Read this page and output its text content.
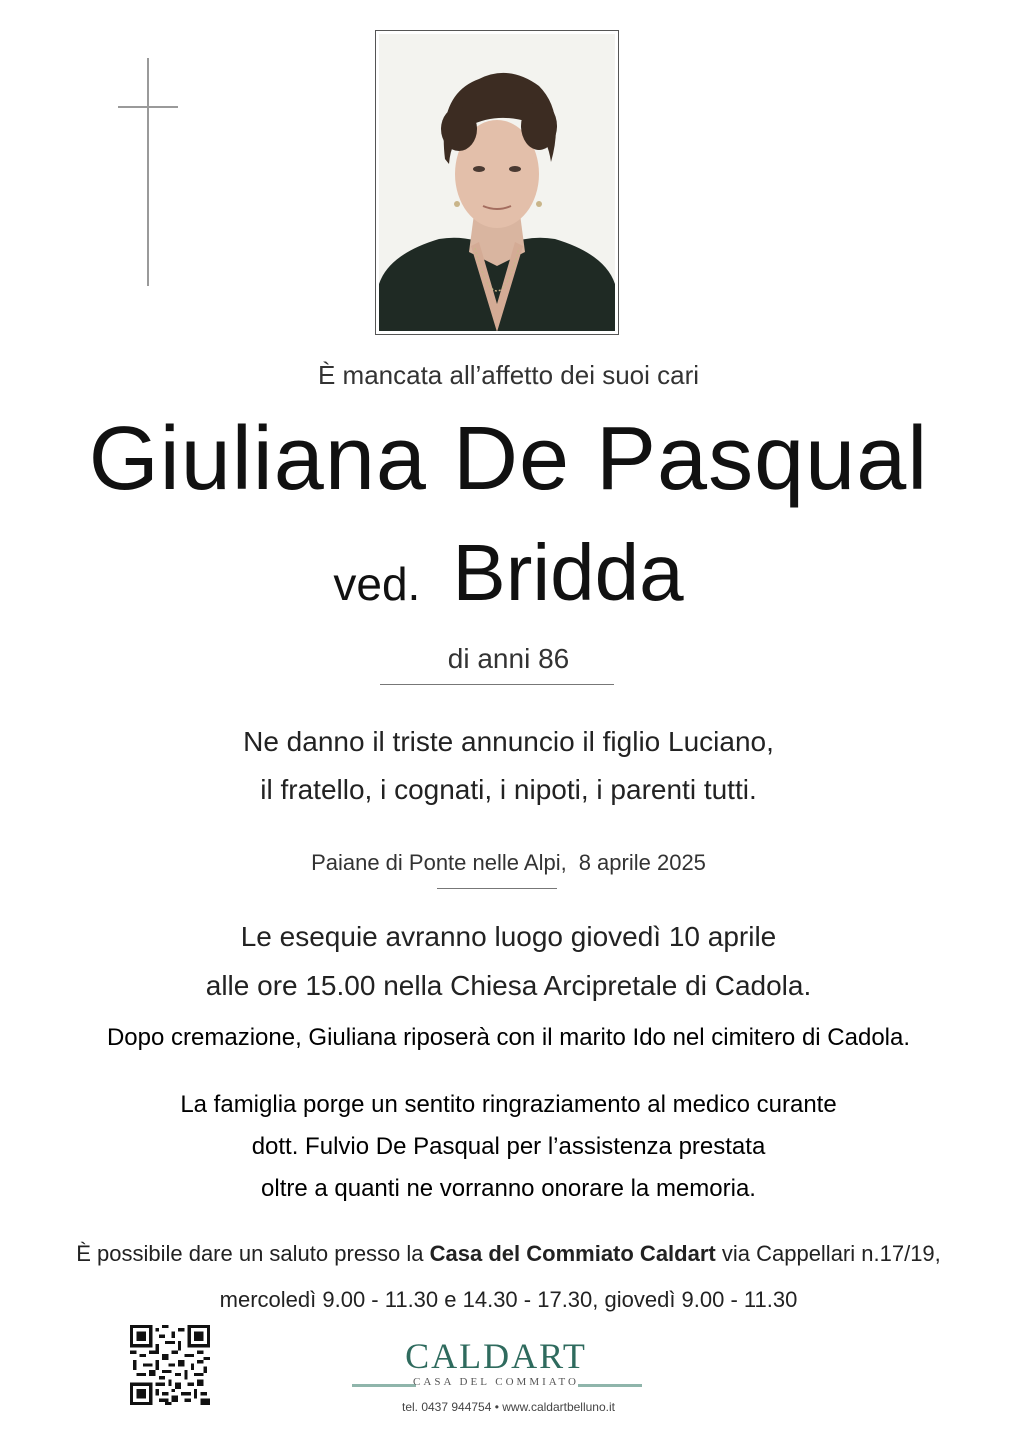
È mancata all’affetto dei suoi cari
Giuliana De Pasqual
ved. Bridda
di anni 86
Ne danno il triste annuncio il figlio Luciano,
il fratello, i cognati, i nipoti, i parenti tutti.
Paiane di Ponte nelle Alpi, 8 aprile 2025
Le esequie avranno luogo giovedì 10 aprile
alle ore 15.00 nella Chiesa Arcipretale di Cadola.
Dopo cremazione, Giuliana riposerà con il marito Ido nel cimitero di Cadola.
La famiglia porge un sentito ringraziamento al medico curante
dott. Fulvio De Pasqual per l’assistenza prestata
oltre a quanti ne vorranno onorare la memoria.
È possibile dare un saluto presso la Casa del Commiato Caldart via Cappellari n.17/19,
mercoledì 9.00 - 11.30 e 14.30 - 17.30, giovedì 9.00 - 11.30
CALDART
CASA DEL COMMIATO
tel. 0437 944754 • www.caldartbelluno.it
